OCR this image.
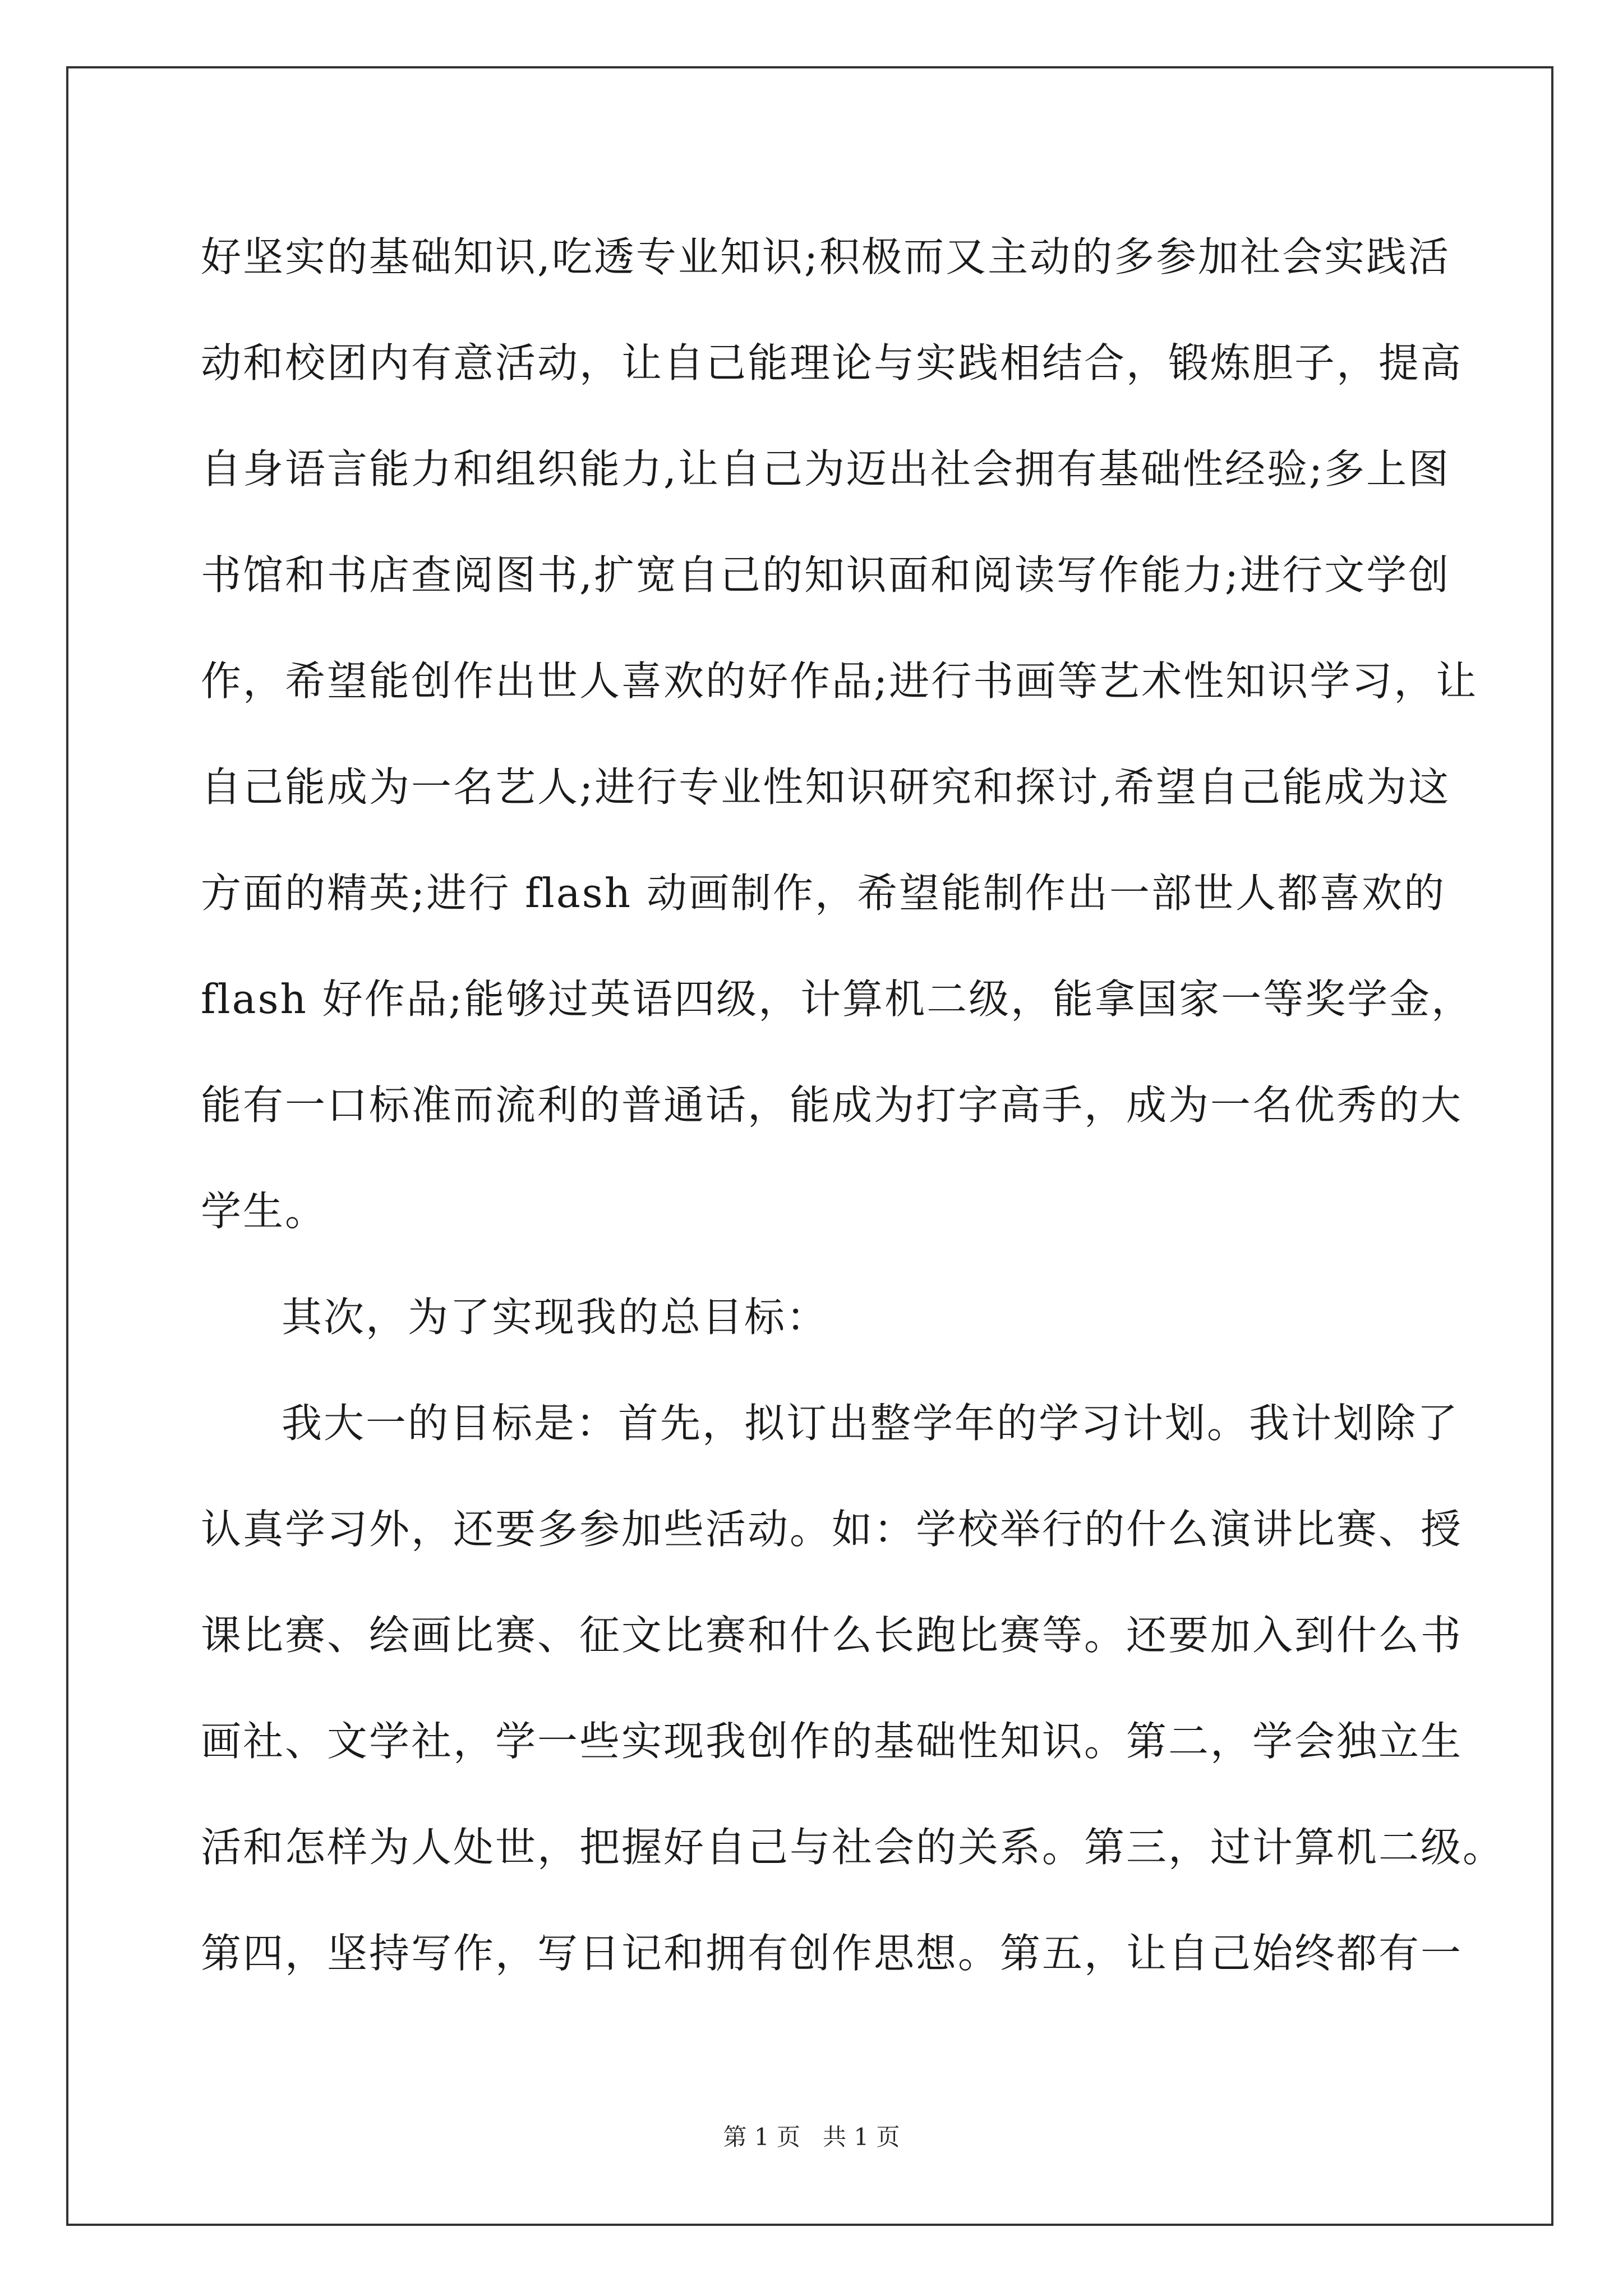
好坚实的基础知识,吃透专业知识;积极而又主动的多参加社会实践活
动和校团内有意活动，让自己能理论与实践相结合，锻炼胆子，提高
自身语言能力和组织能力,让自己为迈出社会拥有基础性经验;多上图
书馆和书店查阅图书,扩宽自己的知识面和阅读写作能力;进行文学创
作，希望能创作出世人喜欢的好作品;进行书画等艺术性知识学习，让
自己能成为一名艺人;进行专业性知识研究和探讨,希望自己能成为这
方面的精英;进行 flash 动画制作，希望能制作出一部世人都喜欢的
flash 好作品;能够过英语四级，计算机二级，能拿国家一等奖学金，
能有一口标准而流利的普通话，能成为打字高手，成为一名优秀的大
学生。
其次，为了实现我的总目标：
我大一的目标是：首先，拟订出整学年的学习计划。我计划除了
认真学习外，还要多参加些活动。如：学校举行的什么演讲比赛、授
课比赛、绘画比赛、征文比赛和什么长跑比赛等。还要加入到什么书
画社、文学社，学一些实现我创作的基础性知识。第二，学会独立生
活和怎样为人处世，把握好自己与社会的关系。第三，过计算机二级。
第四，坚持写作，写日记和拥有创作思想。第五，让自己始终都有一
第 1 页 共 1 页
